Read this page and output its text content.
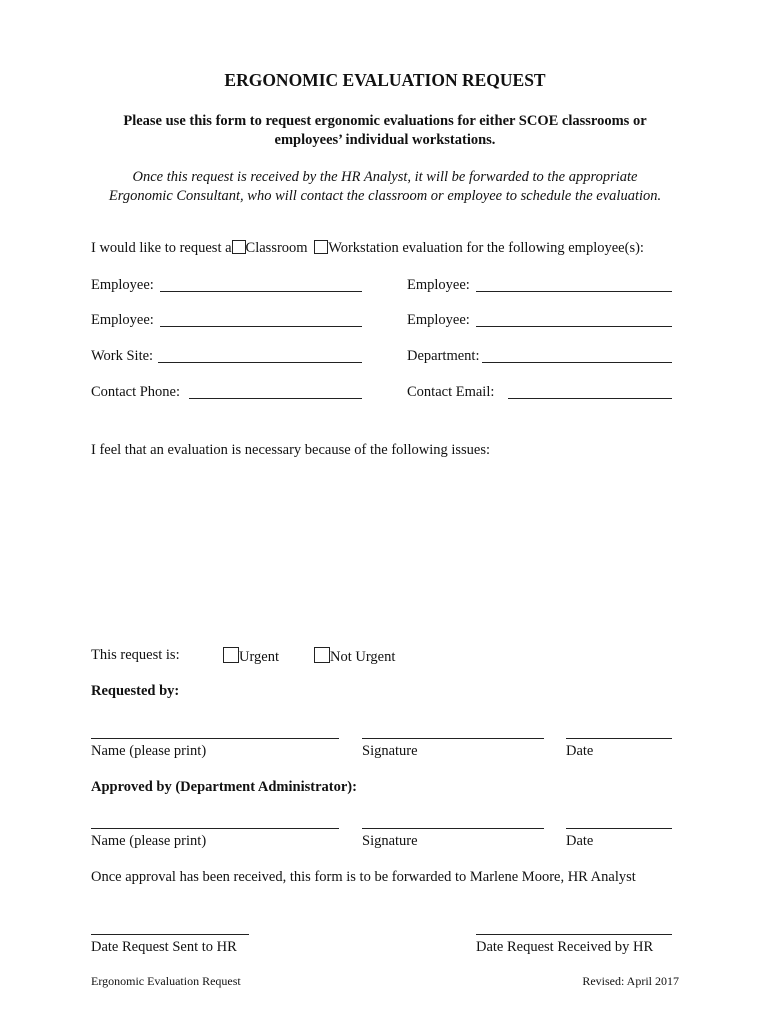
ERGONOMIC EVALUATION REQUEST
Please use this form to request ergonomic evaluations for either SCOE classrooms or
employees’ individual workstations.
Once this request is received by the HR Analyst, it will be forwarded to the appropriate
Ergonomic Consultant, who will contact the classroom or employee to schedule the evaluation.
I would like to request a Classroom Workstation evaluation for the following employee(s):
Employee:	Employee:
Employee:	Employee:
Work Site:	Department:
Contact Phone:	Contact Email:
I feel that an evaluation is necessary because of the following issues:
This request is:	Urgent	Not Urgent
Requested by:
Name (please print)	Signature	Date
Approved by (Department Administrator):
Name (please print)	Signature	Date
Once approval has been received, this form is to be forwarded to Marlene Moore, HR Analyst
Date Request Sent to HR	Date Request Received by HR
Ergonomic Evaluation Request	Revised: April 2017
